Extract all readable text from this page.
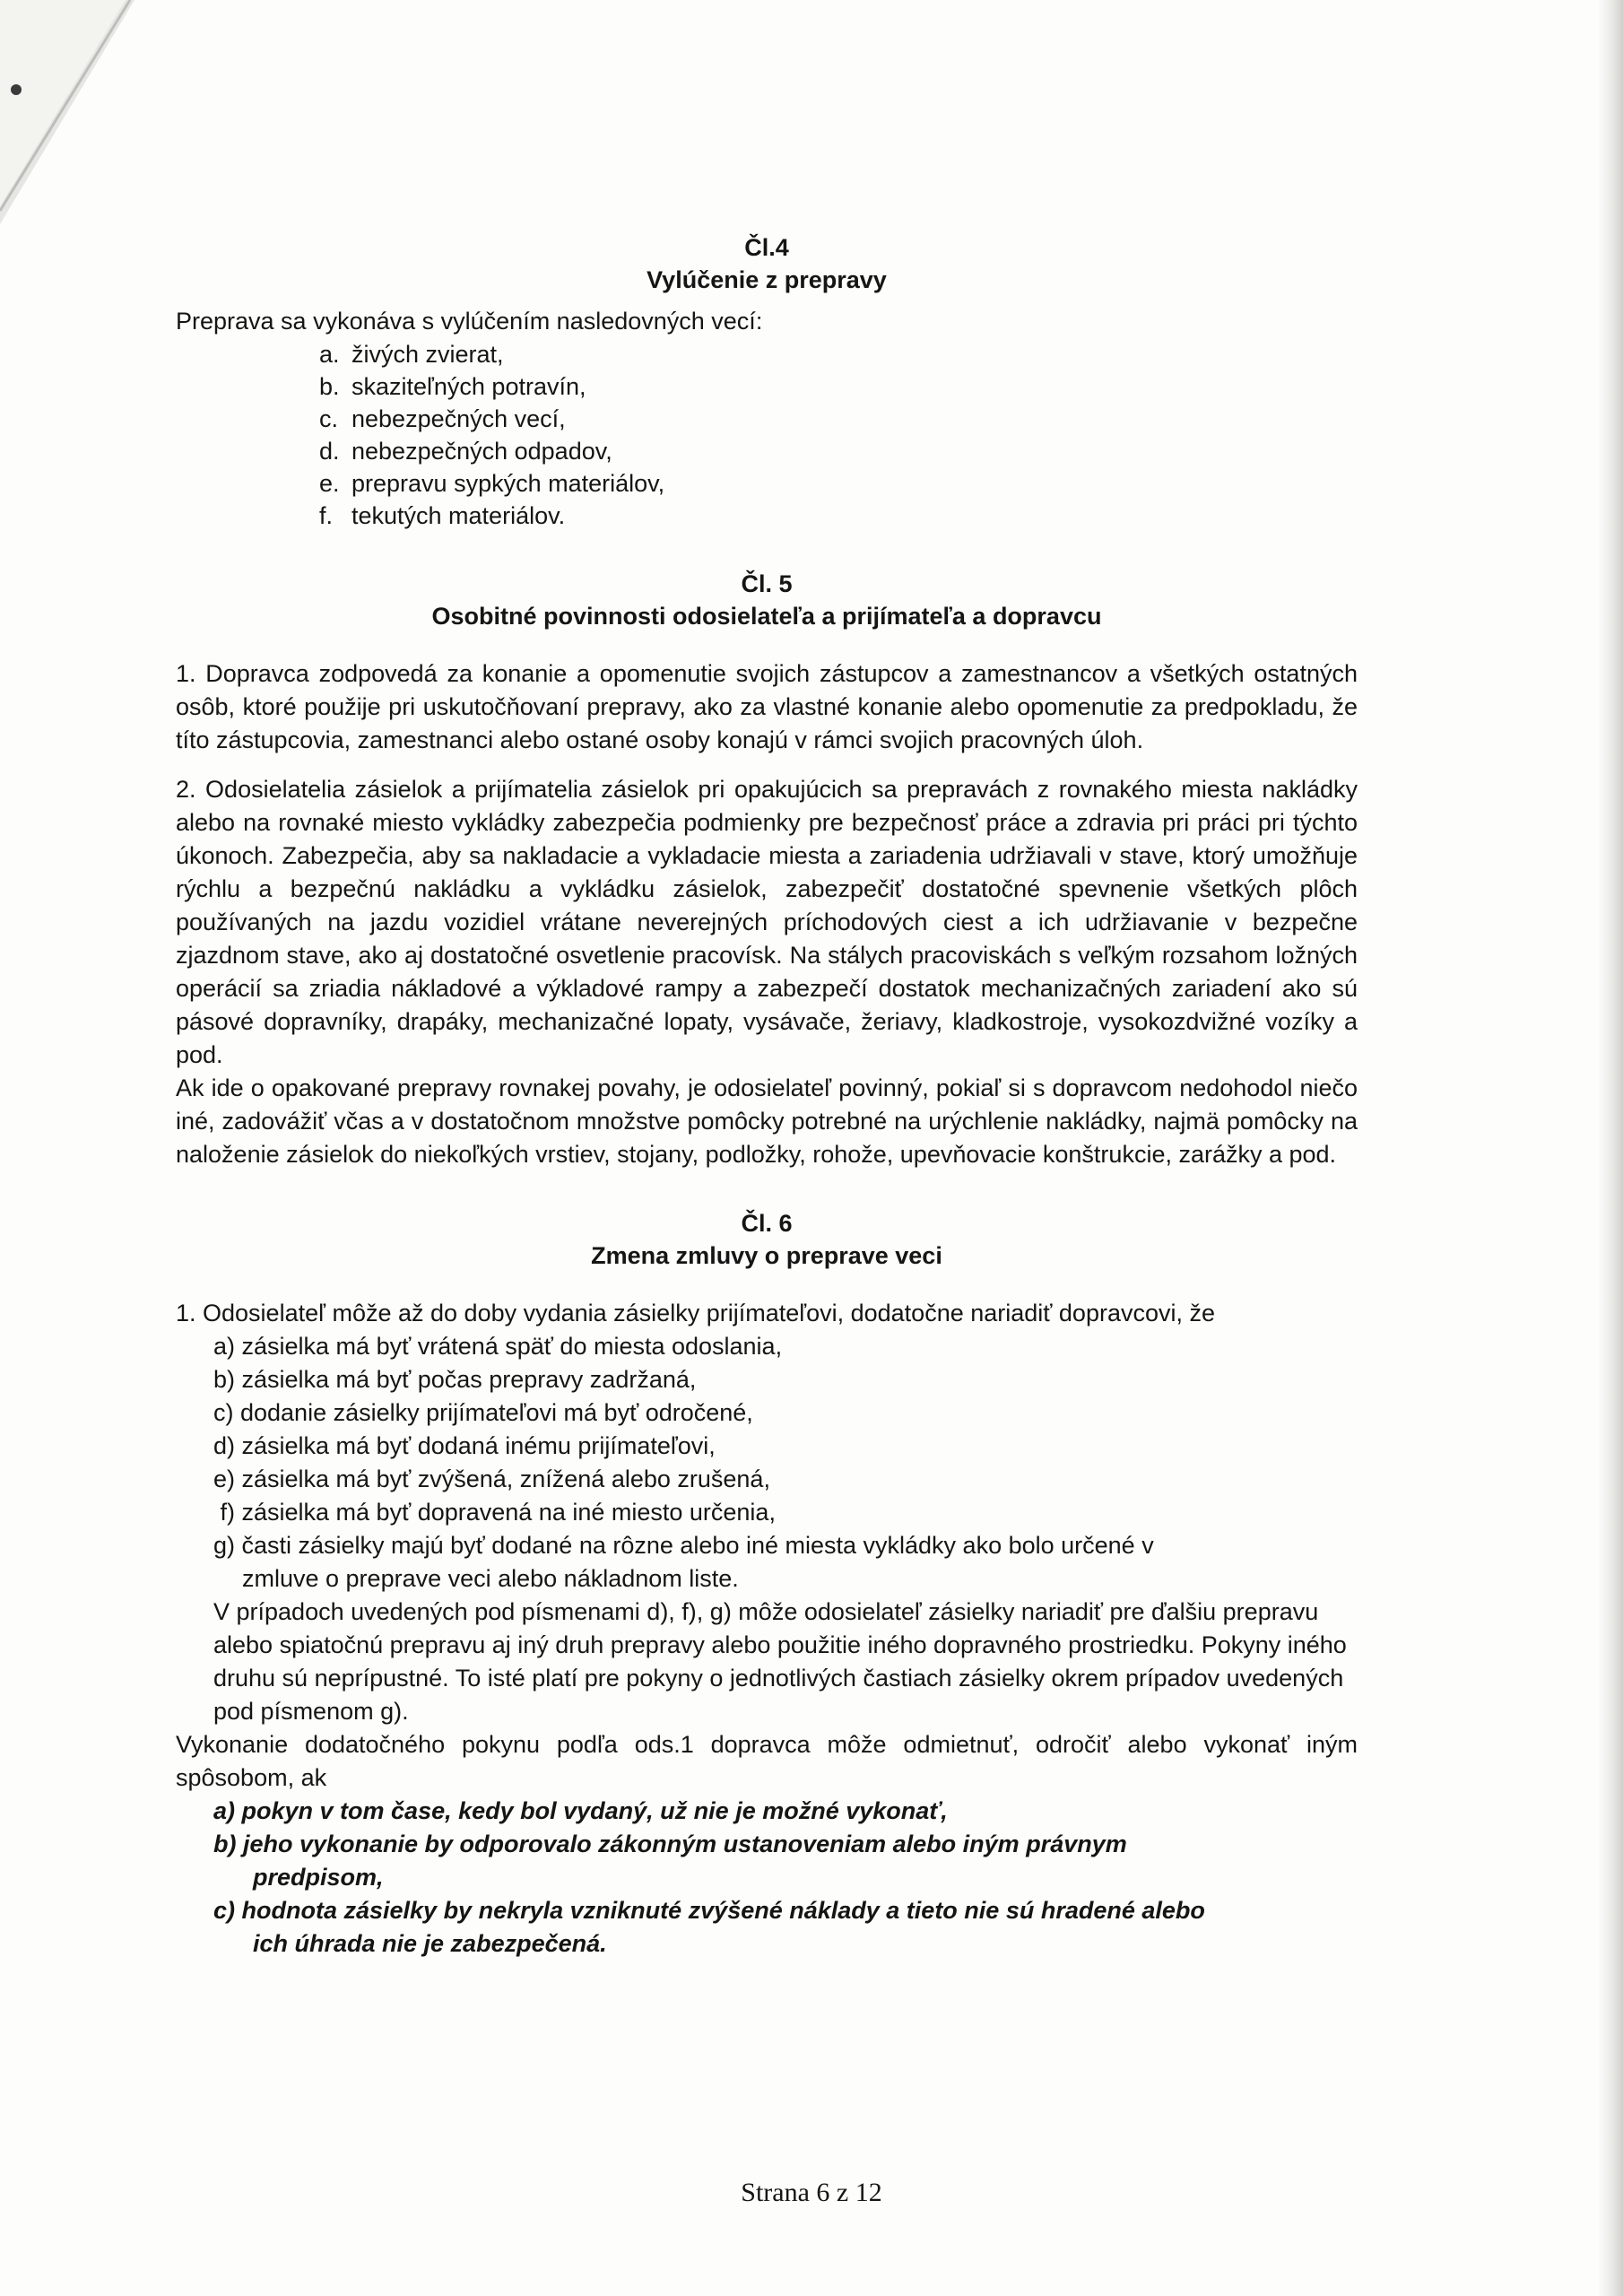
Čl.4

Vylúčenie z prepravy

Preprava sa vykonáva s vylúčením nasledovných vecí:

a. živých zvierat,
b. skaziteľných potravín,
c. nebezpečných vecí,
d. nebezpečných odpadov,
e. prepravu sypkých materiálov,
f. tekutých materiálov.

Čl. 5

Osobitné povinnosti odosielateľa a prijímateľa a dopravcu

1. Dopravca zodpovedá za konanie a opomenutie svojich zástupcov a zamestnancov a všetkých ostatných osôb, ktoré použije pri uskutočňovaní prepravy, ako za vlastné konanie alebo opomenutie za predpokladu, že títo zástupcovia, zamestnanci alebo ostané osoby konajú v rámci svojich pracovných úloh.

2. Odosielatelia zásielok a prijímatelia zásielok pri opakujúcich sa prepravách z rovnakého miesta nakládky alebo na rovnaké miesto vykládky zabezpečia podmienky pre bezpečnosť práce a zdravia pri práci pri týchto úkonoch. Zabezpečia, aby sa nakladacie a vykladacie miesta a zariadenia udržiavali v stave, ktorý umožňuje rýchlu a bezpečnú nakládku a vykládku zásielok, zabezpečiť dostatočné spevnenie všetkých plôch používaných na jazdu vozidiel vrátane neverejných príchodových ciest a ich udržiavanie v bezpečne zjazdnom stave, ako aj dostatočné osvetlenie pracovísk. Na stálych pracoviskách s veľkým rozsahom ložných operácií sa zriadia nákladové a výkladové rampy a zabezpečí dostatok mechanizačných zariadení ako sú pásové dopravníky, drapáky, mechanizačné lopaty, vysávače, žeriavy, kladkostroje, vysokozdvižné vozíky a pod.

Ak ide o opakované prepravy rovnakej povahy, je odosielateľ povinný, pokiaľ si s dopravcom nedohodol niečo iné, zadovážiť včas a v dostatočnom množstve pomôcky potrebné na urýchlenie nakládky, najmä pomôcky na naloženie zásielok do niekoľkých vrstiev, stojany, podložky, rohože, upevňovacie konštrukcie, zarážky a pod.

Čl. 6

Zmena zmluvy o preprave veci

1. Odosielateľ môže až do doby vydania zásielky prijímateľovi, dodatočne nariadiť dopravcovi, že

a) zásielka má byť vrátená späť do miesta odoslania,
b) zásielka má byť počas prepravy zadržaná,
c) dodanie zásielky prijímateľovi má byť odročené,
d) zásielka má byť dodaná inému prijímateľovi,
e) zásielka má byť zvýšená, znížená alebo zrušená,
f) zásielka má byť dopravená na iné miesto určenia,
g) časti zásielky majú byť dodané na rôzne alebo iné miesta vykládky ako bolo určené v
zmluve o preprave veci alebo nákladnom liste.

V prípadoch uvedených pod písmenami d), f), g) môže odosielateľ zásielky nariadiť pre ďalšiu prepravu alebo spiatočnú prepravu aj iný druh prepravy alebo použitie iného dopravného prostriedku. Pokyny iného druhu sú neprípustné. To isté platí pre pokyny o jednotlivých častiach zásielky okrem prípadov uvedených pod písmenom g).

Vykonanie dodatočného pokynu podľa ods.1 dopravca môže odmietnuť, odročiť alebo vykonať iným spôsobom, ak

a) pokyn v tom čase, kedy bol vydaný, už nie je možné vykonať,
b) jeho vykonanie by odporovalo zákonným ustanoveniam alebo iným právnym
predpisom,
c) hodnota zásielky by nekryla vzniknuté zvýšené náklady a tieto nie sú hradené alebo
ich úhrada nie je zabezpečená.
Strana 6 z 12
